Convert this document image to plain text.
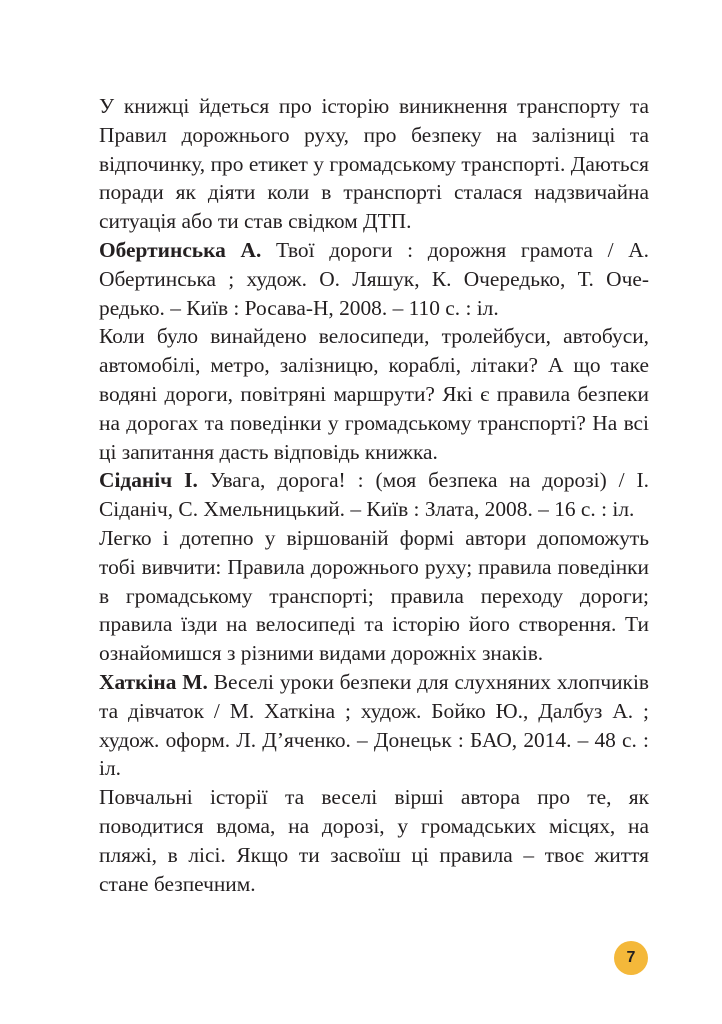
У книжці йдеться про історію виникнення транспорту та Правил дорожнього руху, про безпеку на залізниці та відпочинку, про етикет у громадському транспорті. Даються поради як діяти коли в транспорті сталася надзвичайна ситуація або ти став свідком ДТП.

Обертинська А. Твої дороги : дорожня грамота / А. Обертинська ; худож. О. Ляшук, К. Очередько, Т. Очередько. – Київ : Росава-Н, 2008. – 110 с. : іл.

Коли було винайдено велосипеди, тролейбуси, автобуси, автомобілі, метро, залізницю, кораблі, літаки? А що таке водяні дороги, повітряні маршрути? Які є правила безпеки на дорогах та поведінки у громадському транспорті? На всі ці запитання дасть відповідь книжка.

Сіданіч І. Увага, дорога! : (моя безпека на дорозі) / І. Сіданіч, С. Хмельницький. – Київ : Злата, 2008. – 16 с. : іл.

Легко і дотепно у віршованій формі автори допоможуть тобі вивчити: Правила дорожнього руху; правила поведінки в громадському транспорті; правила переходу дороги; правила їзди на велосипеді та історію його створення. Ти ознайомишся з різними видами дорожніх знаків.

Хаткіна М. Веселі уроки безпеки для слухняних хлопчиків та дівчаток / М. Хаткіна ; худож. Бойко Ю., Далбуз А. ; худож. оформ. Л. Д’яченко. – Донецьк : БАО, 2014. – 48 с. : іл.

Повчальні історії та веселі вірші автора про те, як поводитися вдома, на дорозі, у громадських місцях, на пляжі, в лісі. Якщо ти засвоїш ці правила – твоє життя стане безпечним.

7
